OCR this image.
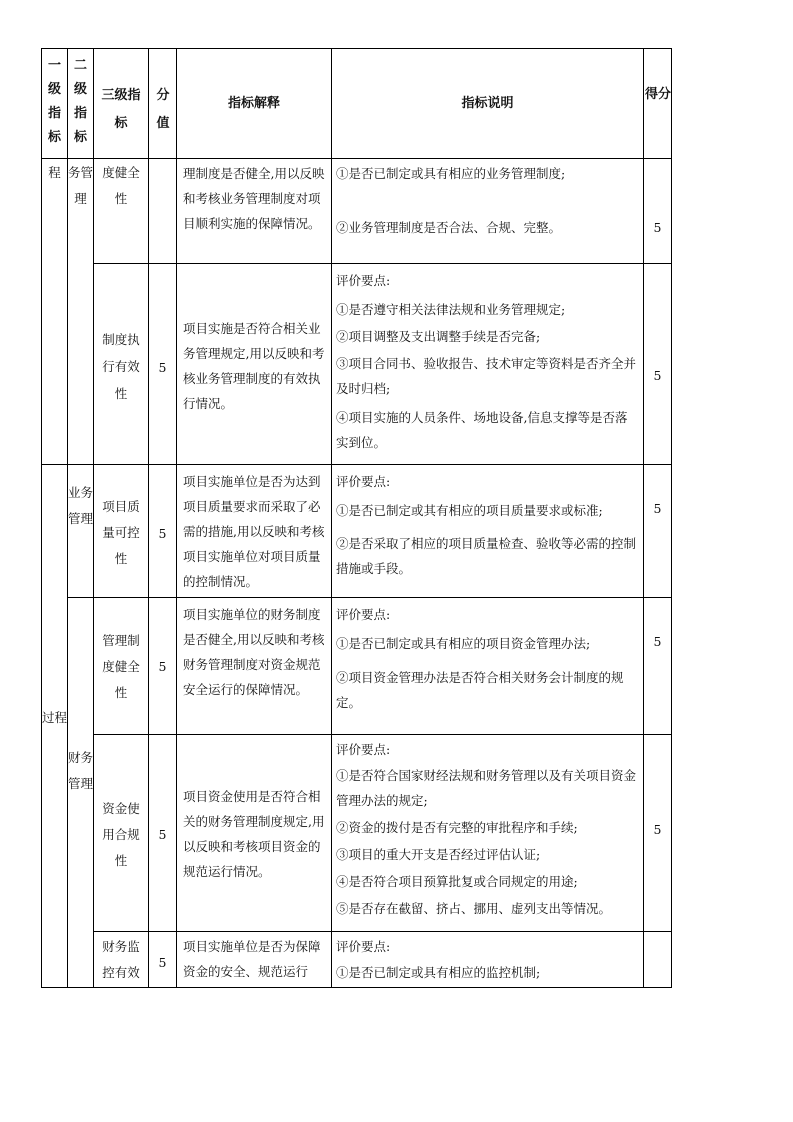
一级指标
二级指标
三级指标
分值
指标解释	指标说明
得分
程 务管理
过程
业务管理
财务管理
度健全性
理制度是否健全,用以反映和考核业务管理制度对项目顺利实施的保障情况。
①是否已制定或具有相应的业务管理制度;
②业务管理制度是否合法、合规、完整。	5
制度执行有效性
5
项目实施是否符合相关业务管理规定,用以反映和考核业务管理制度的有效执行情况。
评价要点:
①是否遵守相关法律法规和业务管理规定;
②项目调整及支出调整手续是否完备;
③项目合同书、验收报告、技术审定等资料是否齐全并及时归档;
④项目实施的人员条件、场地设备,信息支撑等是否落实到位。
5
项目质量可控性
5
项目实施单位是否为达到项目质量要求而采取了必需的措施,用以反映和考核项目实施单位对项目质量的控制情况。
评价要点:
①是否已制定或其有相应的项目质量要求或标准;
②是否采取了相应的项目质量检查、验收等必需的控制措施或手段。
5
管理制度健全性
5
项目实施单位的财务制度是否健全,用以反映和考核财务管理制度对资金规范安全运行的保障情况。
评价要点:
①是否已制定或具有相应的项目资金管理办法;
②项目资金管理办法是否符合相关财务会计制度的规定。
5
资金使用合规性
5
项目资金使用是否符合相关的财务管理制度规定,用以反映和考核项目资金的规范运行情况。
评价要点:
①是否符合国家财经法规和财务管理以及有关项目资金管理办法的规定;
②资金的拨付是否有完整的审批程序和手续;
③项目的重大开支是否经过评估认证;
④是否符合项目预算批复或合同规定的用途;
⑤是否存在截留、挤占、挪用、虚列支出等情况。
5
财务监控有效
5
项目实施单位是否为保障资金的安全、规范运行
评价要点:
①是否已制定或具有相应的监控机制;
